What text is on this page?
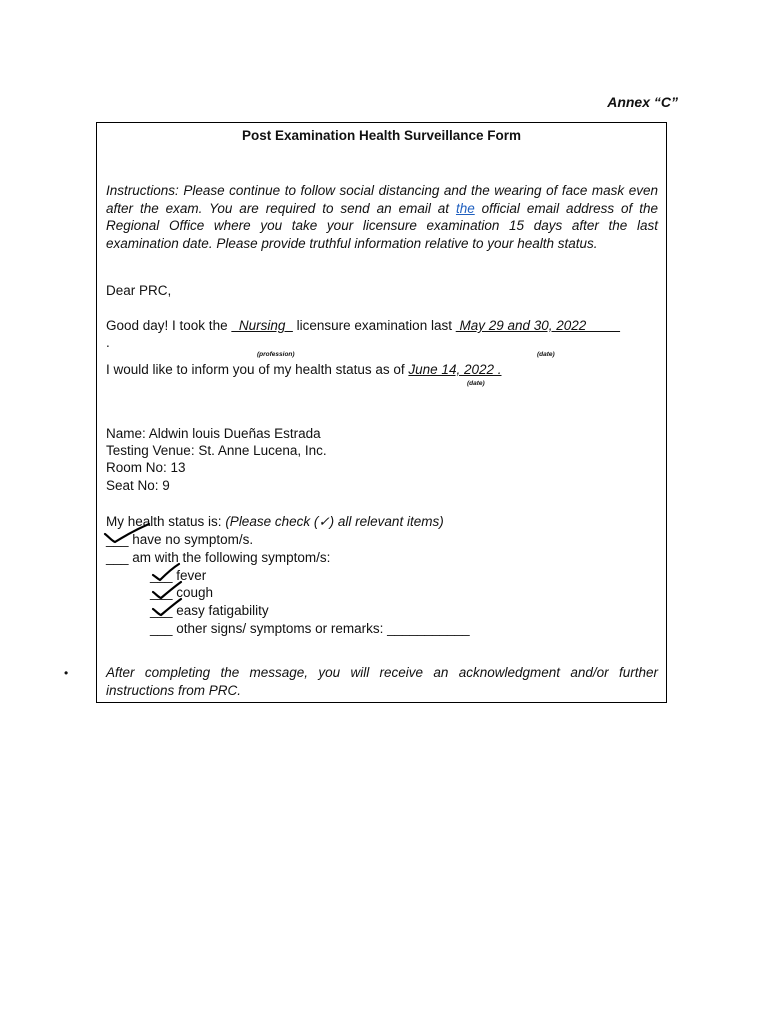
Annex “C”
Post Examination Health Surveillance Form
Instructions: Please continue to follow social distancing and the wearing of face mask even after the exam. You are required to send an email at the official email address of the Regional Office where you take your licensure examination 15 days after the last examination date. Please provide truthful information relative to your health status.
Dear PRC,
Good day! I took the   Nursing   licensure examination last  May 29 and 30, 2022
.
(profession)	(date)
I would like to inform you of my health status as of June 14, 2022 .
(date)
Name: Aldwin louis Dueñas Estrada
Testing Venue: St. Anne Lucena, Inc.
Room No: 13
Seat No: 9
My health status is: (Please check (✓) all relevant items)
___ have no symptom/s.
___ am with the following symptom/s:
___ fever
___ cough
___ easy fatigability
___ other signs/ symptoms or remarks: ___________
•	After completing the message, you will receive an acknowledgment and/or further instructions from PRC.
